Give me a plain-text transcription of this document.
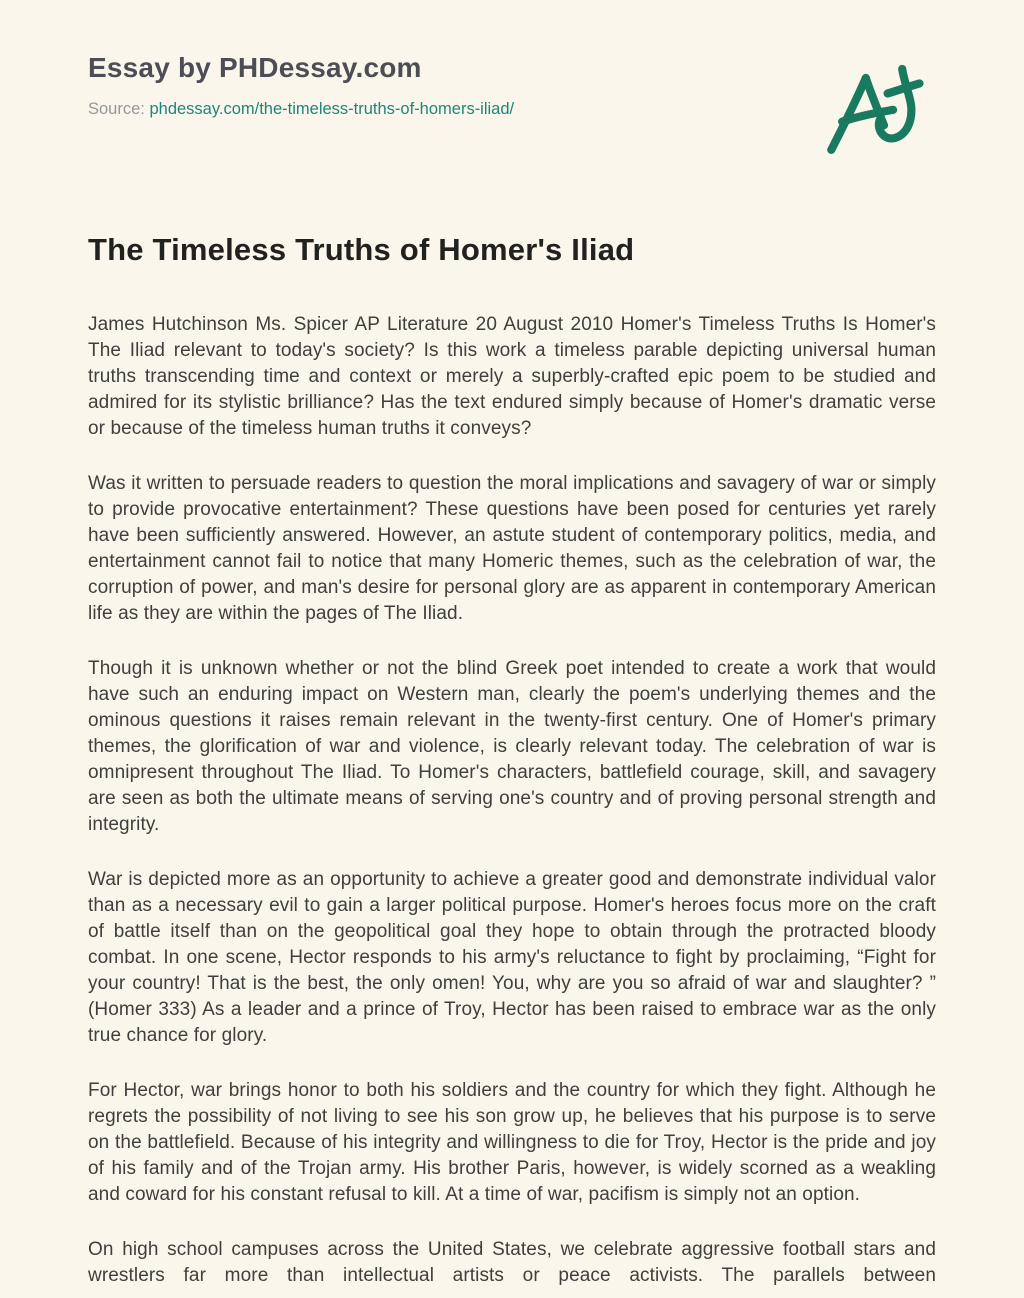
Essay by PHDessay.com
Source: phdessay.com/the-timeless-truths-of-homers-iliad/
The Timeless Truths of Homer's Iliad

James Hutchinson Ms. Spicer AP Literature 20 August 2010 Homer's Timeless Truths Is Homer's The Iliad relevant to today's society? Is this work a timeless parable depicting universal human truths transcending time and context or merely a superbly-crafted epic poem to be studied and admired for its stylistic brilliance? Has the text endured simply because of Homer's dramatic verse or because of the timeless human truths it conveys?

Was it written to persuade readers to question the moral implications and savagery of war or simply to provide provocative entertainment? These questions have been posed for centuries yet rarely have been sufficiently answered. However, an astute student of contemporary politics, media, and entertainment cannot fail to notice that many Homeric themes, such as the celebration of war, the corruption of power, and man's desire for personal glory are as apparent in contemporary American life as they are within the pages of The Iliad.

Though it is unknown whether or not the blind Greek poet intended to create a work that would have such an enduring impact on Western man, clearly the poem's underlying themes and the ominous questions it raises remain relevant in the twenty-first century. One of Homer's primary themes, the glorification of war and violence, is clearly relevant today. The celebration of war is omnipresent throughout The Iliad. To Homer's characters, battlefield courage, skill, and savagery are seen as both the ultimate means of serving one's country and of proving personal strength and integrity.

War is depicted more as an opportunity to achieve a greater good and demonstrate individual valor than as a necessary evil to gain a larger political purpose. Homer's heroes focus more on the craft of battle itself than on the geopolitical goal they hope to obtain through the protracted bloody combat. In one scene, Hector responds to his army's reluctance to fight by proclaiming, “Fight for your country! That is the best, the only omen! You, why are you so afraid of war and slaughter? ” (Homer 333) As a leader and a prince of Troy, Hector has been raised to embrace war as the only true chance for glory.

For Hector, war brings honor to both his soldiers and the country for which they fight. Although he regrets the possibility of not living to see his son grow up, he believes that his purpose is to serve on the battlefield. Because of his integrity and willingness to die for Troy, Hector is the pride and joy of his family and of the Trojan army. His brother Paris, however, is widely scorned as a weakling and coward for his constant refusal to kill. At a time of war, pacifism is simply not an option.

On high school campuses across the United States, we celebrate aggressive football stars and wrestlers far more than intellectual artists or peace activists. The parallels between
